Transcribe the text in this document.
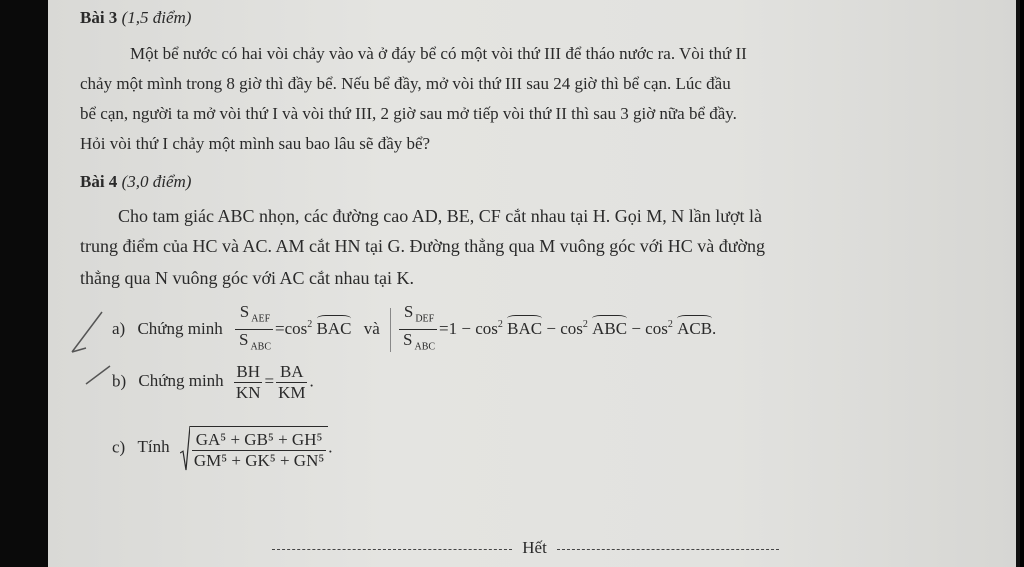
Bài 3 (1,5 điểm)
Một bể nước có hai vòi chảy vào và ở đáy bể có một vòi thứ III để tháo nước ra. Vòi thứ II
chảy một mình trong 8 giờ thì đầy bể. Nếu bể đầy, mở vòi thứ III sau 24 giờ thì bể cạn. Lúc đầu
bể cạn, người ta mở vòi thứ I và vòi thứ III, 2 giờ sau mở tiếp vòi thứ II thì sau 3 giờ nữa bể đầy.
Hỏi vòi thứ I chảy một mình sau bao lâu sẽ đầy bể?
Bài 4 (3,0 điểm)
Cho tam giác ABC nhọn, các đường cao AD, BE, CF cắt nhau tại H. Gọi M, N lần lượt là
trung điểm của HC và AC. AM cắt HN tại G. Đường thẳng qua M vuông góc với HC và đường
thẳng qua N vuông góc với AC cắt nhau tại K.
a) Chứng minh $\frac{S _{AEF}}{S _{ABC}} =\cos^2$ BAC và $\frac{S _{DEF}}{S _{ABC}} =1 - \cos^2$ BAC − $\cos^2$ ABC − $\cos^2$ ACB.
b) Chứng minh $\frac{BH}{KN} = \frac{BA}{KM}$ .
c) Tính $\frac{\text{GA⁵ + GB⁵ + GH⁵}}{\text{GM⁵ + GK⁵ + GN⁵}}$ .
Hết
